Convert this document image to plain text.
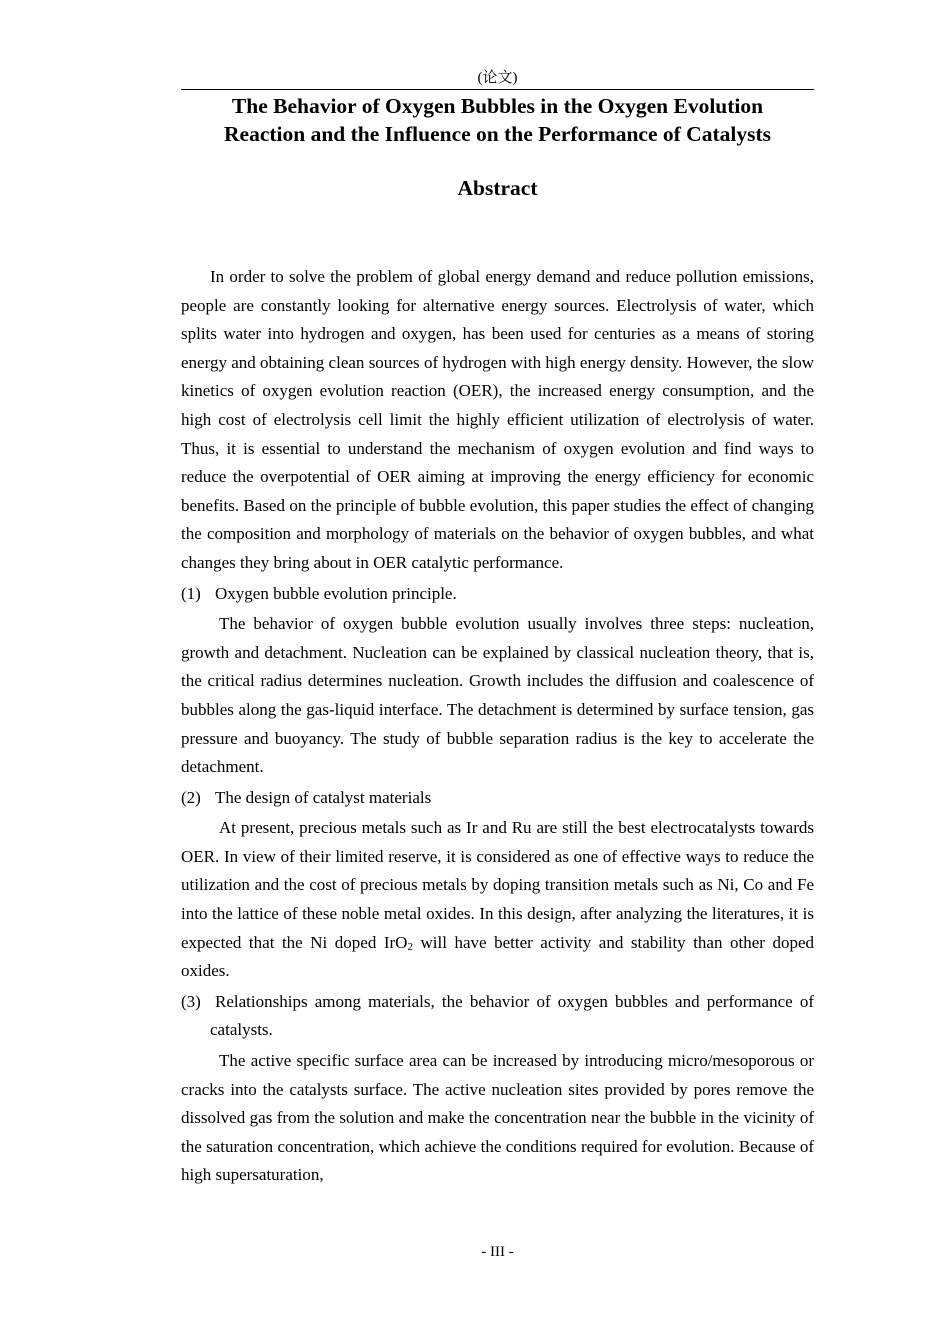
(论文)
The Behavior of Oxygen Bubbles in the Oxygen Evolution
Reaction and the Influence on the Performance of Catalysts
Abstract

In order to solve the problem of global energy demand and reduce pollution emissions, people are constantly looking for alternative energy sources. Electrolysis of water, which splits water into hydrogen and oxygen, has been used for centuries as a means of storing energy and obtaining clean sources of hydrogen with high energy density. However, the slow kinetics of oxygen evolution reaction (OER), the increased energy consumption, and the high cost of electrolysis cell limit the highly efficient utilization of electrolysis of water. Thus, it is essential to understand the mechanism of oxygen evolution and find ways to reduce the overpotential of OER aiming at improving the energy efficiency for economic benefits. Based on the principle of bubble evolution, this paper studies the effect of changing the composition and morphology of materials on the behavior of oxygen bubbles, and what changes they bring about in OER catalytic performance.

(1) Oxygen bubble evolution principle.

The behavior of oxygen bubble evolution usually involves three steps: nucleation, growth and detachment. Nucleation can be explained by classical nucleation theory, that is, the critical radius determines nucleation. Growth includes the diffusion and coalescence of bubbles along the gas-liquid interface. The detachment is determined by surface tension, gas pressure and buoyancy. The study of bubble separation radius is the key to accelerate the detachment.

(2) The design of catalyst materials

At present, precious metals such as Ir and Ru are still the best electrocatalysts towards OER. In view of their limited reserve, it is considered as one of effective ways to reduce the utilization and the cost of precious metals by doping transition metals such as Ni, Co and Fe into the lattice of these noble metal oxides. In this design, after analyzing the literatures, it is expected that the Ni doped IrO$_2$ will have better activity and stability than other doped oxides.

(3) Relationships among materials, the behavior of oxygen bubbles and performance of catalysts.

The active specific surface area can be increased by introducing micro/mesoporous or cracks into the catalysts surface. The active nucleation sites provided by pores remove the dissolved gas from the solution and make the concentration near the bubble in the vicinity of the saturation concentration, which achieve the conditions required for evolution. Because of high supersaturation,

- III -
